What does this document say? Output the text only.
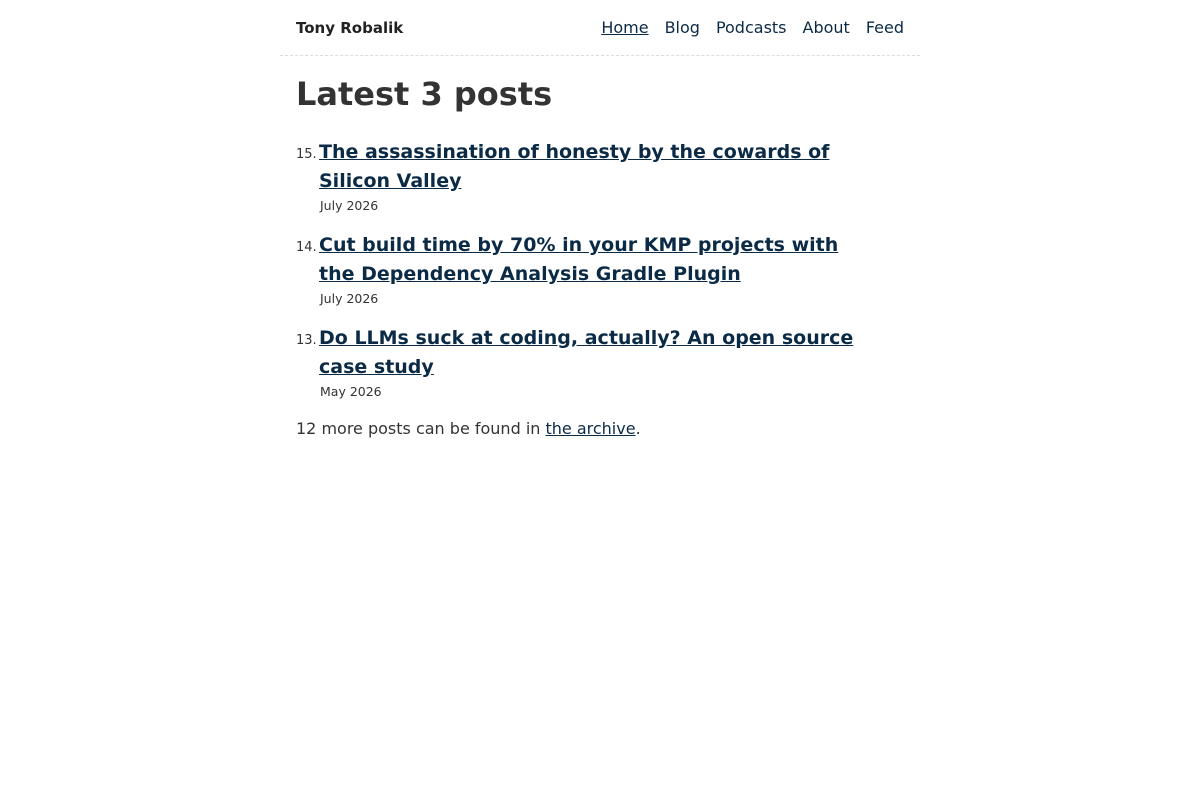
Tony Robalik	Home Blog Podcasts About Feed
Latest 3 posts
15. The assassination of honesty by the cowards of Silicon Valley
July 2026
14. Cut build time by 70% in your KMP projects with the Dependency Analysis Gradle Plugin
July 2026
13. Do LLMs suck at coding, actually? An open source case study
May 2026

12 more posts can be found in the archive.
